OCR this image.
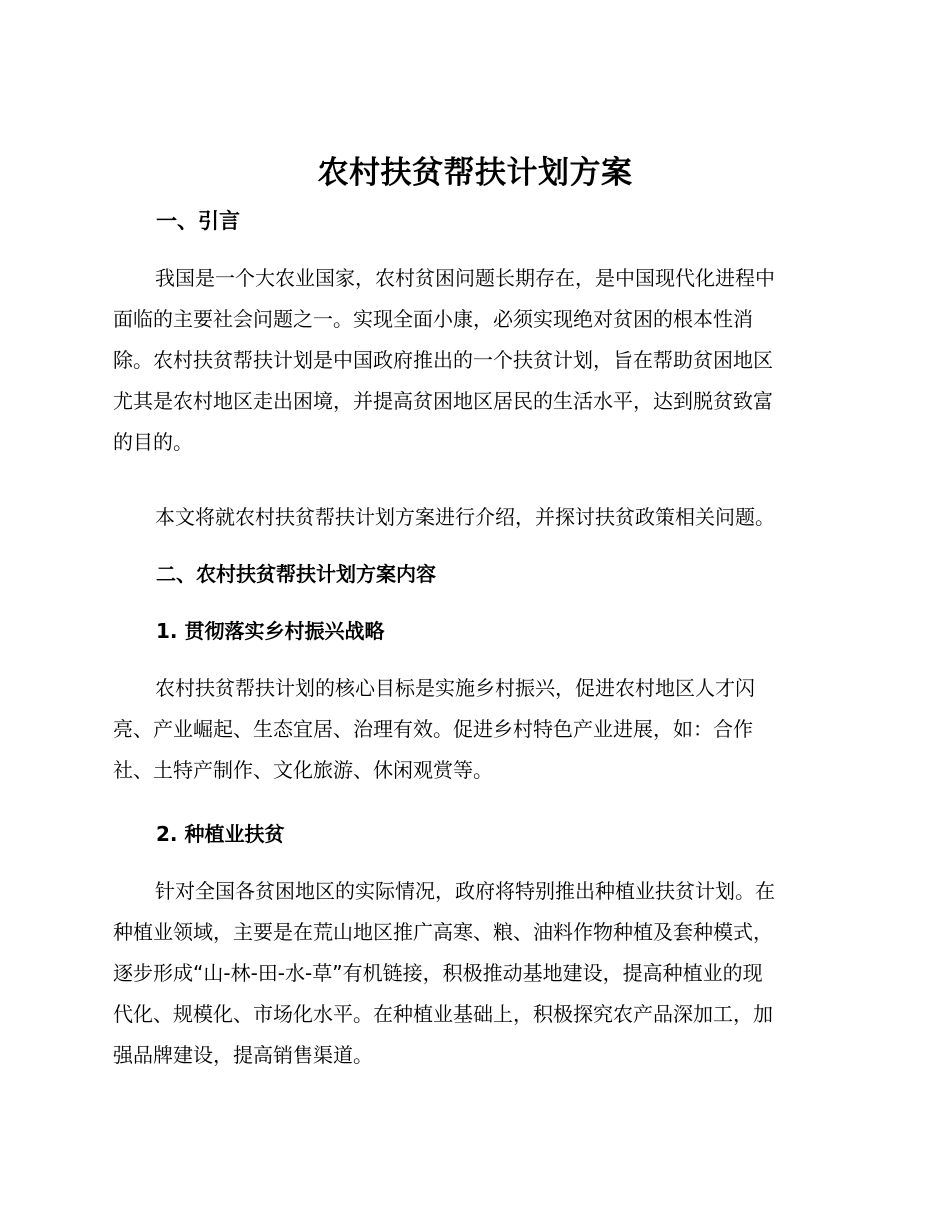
农村扶贫帮扶计划方案
一、引言
我国是一个大农业国家，农村贫困问题长期存在，是中国现代化进程中
面临的主要社会问题之一。实现全面小康，必须实现绝对贫困的根本性消
除。农村扶贫帮扶计划是中国政府推出的一个扶贫计划，旨在帮助贫困地区
尤其是农村地区走出困境，并提高贫困地区居民的生活水平，达到脱贫致富
的目的。
本文将就农村扶贫帮扶计划方案进行介绍，并探讨扶贫政策相关问题。
二、农村扶贫帮扶计划方案内容
1. 贯彻落实乡村振兴战略
农村扶贫帮扶计划的核心目标是实施乡村振兴，促进农村地区人才闪
亮、产业崛起、生态宜居、治理有效。促进乡村特色产业进展，如：合作
社、土特产制作、文化旅游、休闲观赏等。
2. 种植业扶贫
针对全国各贫困地区的实际情况，政府将特别推出种植业扶贫计划。在
种植业领域，主要是在荒山地区推广高寒、粮、油料作物种植及套种模式，
逐步形成“山-林-田-水-草”有机链接，积极推动基地建设，提高种植业的现
代化、规模化、市场化水平。在种植业基础上，积极探究农产品深加工，加
强品牌建设，提高销售渠道。
